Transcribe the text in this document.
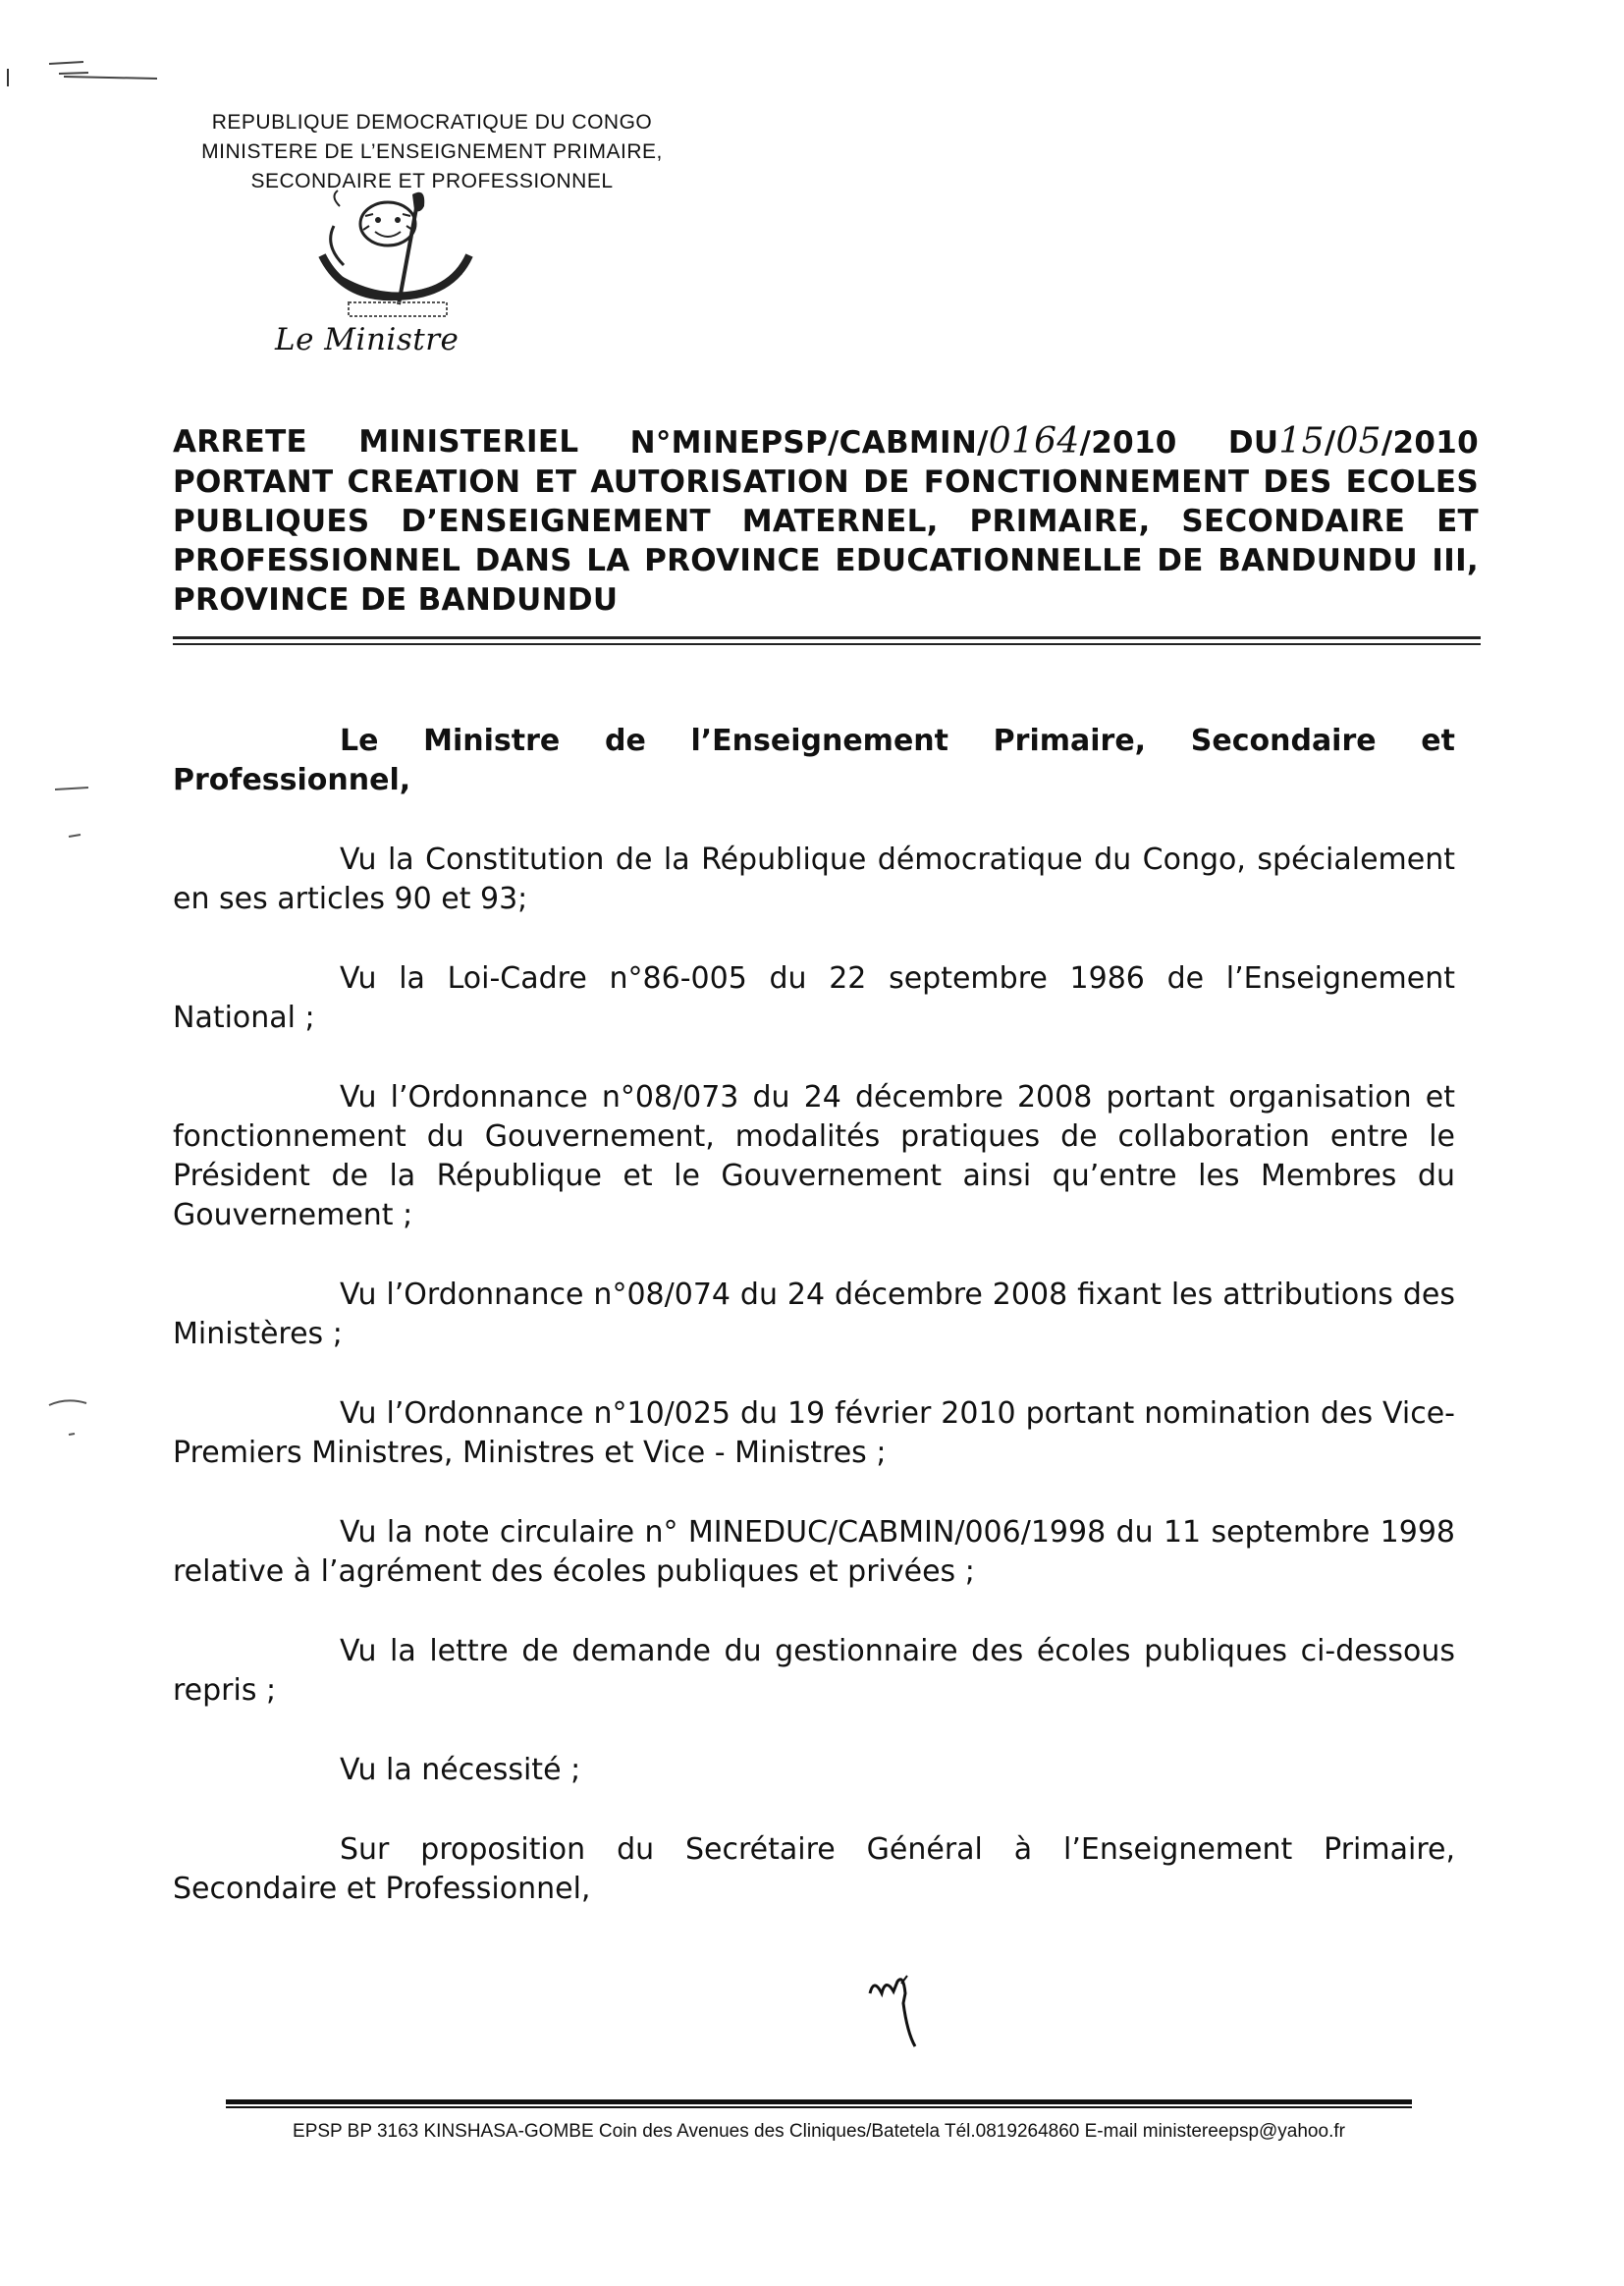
REPUBLIQUE DEMOCRATIQUE DU CONGO
MINISTERE DE L’ENSEIGNEMENT PRIMAIRE,
SECONDAIRE ET PROFESSIONNEL
Le Ministre
ARRETE MINISTERIEL N°MINEPSP/CABMIN/0164/2010 DU15/05/2010
PORTANT CREATION ET AUTORISATION DE FONCTIONNEMENT DES ECOLES
PUBLIQUES D’ENSEIGNEMENT MATERNEL, PRIMAIRE, SECONDAIRE ET
PROFESSIONNEL DANS LA PROVINCE EDUCATIONNELLE DE BANDUNDU III,
PROVINCE DE BANDUNDU

Le Ministre de l’Enseignement Primaire, Secondaire et Professionnel,

Vu la Constitution de la République démocratique du Congo, spécialement en ses articles 90 et 93;

Vu la Loi-Cadre n°86-005 du 22 septembre 1986 de l’Enseignement National ;

Vu l’Ordonnance n°08/073 du 24 décembre 2008 portant organisation et fonctionnement du Gouvernement, modalités pratiques de collaboration entre le Président de la République et le Gouvernement ainsi qu’entre les Membres du Gouvernement ;

Vu l’Ordonnance n°08/074 du 24 décembre 2008 fixant les attributions des Ministères ;

Vu l’Ordonnance n°10/025 du 19 février 2010 portant nomination des Vice-Premiers Ministres, Ministres et Vice - Ministres ;

Vu la note circulaire n° MINEDUC/CABMIN/006/1998 du 11 septembre 1998 relative à l’agrément des écoles publiques et privées ;

Vu la lettre de demande du gestionnaire des écoles publiques ci-dessous repris ;

Vu la nécessité ;

Sur proposition du Secrétaire Général à l’Enseignement Primaire, Secondaire et Professionnel,

EPSP BP 3163 KINSHASA-GOMBE Coin des Avenues des Cliniques/Batetela Tél.0819264860 E-mail ministereepsp@yahoo.fr
